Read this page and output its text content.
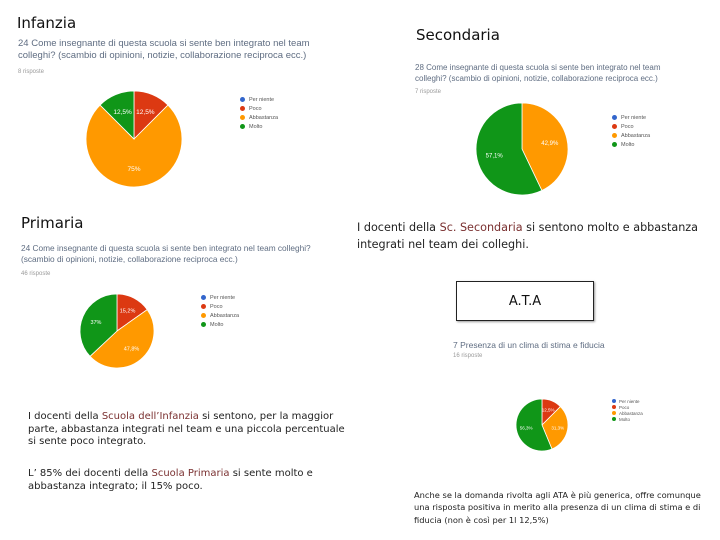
Infanzia
24 Come insegnante di questa scuola si sente ben integrato nel team
colleghi? (scambio di opinioni, notizie, collaborazione reciproca ecc.)
8 risposte
12,5%
75%
12,5%
Per niente
Poco
Abbastanza
Molto
Secondaria
28 Come insegnante di questa scuola si sente ben integrato nel team
colleghi? (scambio di opinioni, notizie, collaborazione reciproca ecc.)
7 risposte
42,9%
57,1%
Per niente
Poco
Abbastanza
Molto
Primaria
24 Come insegnante di questa scuola si sente ben integrato nel team colleghi?
(scambio di opinioni, notizie, collaborazione reciproca ecc.)
46 risposte
15,2%
47,8%
37%
Per niente
Poco
Abbastanza
Molto
I docenti della Sc. Secondaria si sentono molto e abbastanza integrati nel team dei colleghi.
I docenti della Scuola dell’Infanzia si sentono, per la maggior parte, abbastanza integrati nel team e una piccola percentuale si sente poco integrato.
L’ 85% dei docenti della Scuola Primaria si sente molto e abbastanza integrato; il 15% poco.
Anche se la domanda rivolta agli ATA è più generica, offre comunque una risposta positiva in merito alla presenza di un clima di stima e di fiducia (non è così per 1l 12,5%)
A.T.A
7 Presenza di un clima di stima e fiducia
16 risposte
12,5%
31,3%
56,3%
Per niente
Poco
Abbastanza
Molto
